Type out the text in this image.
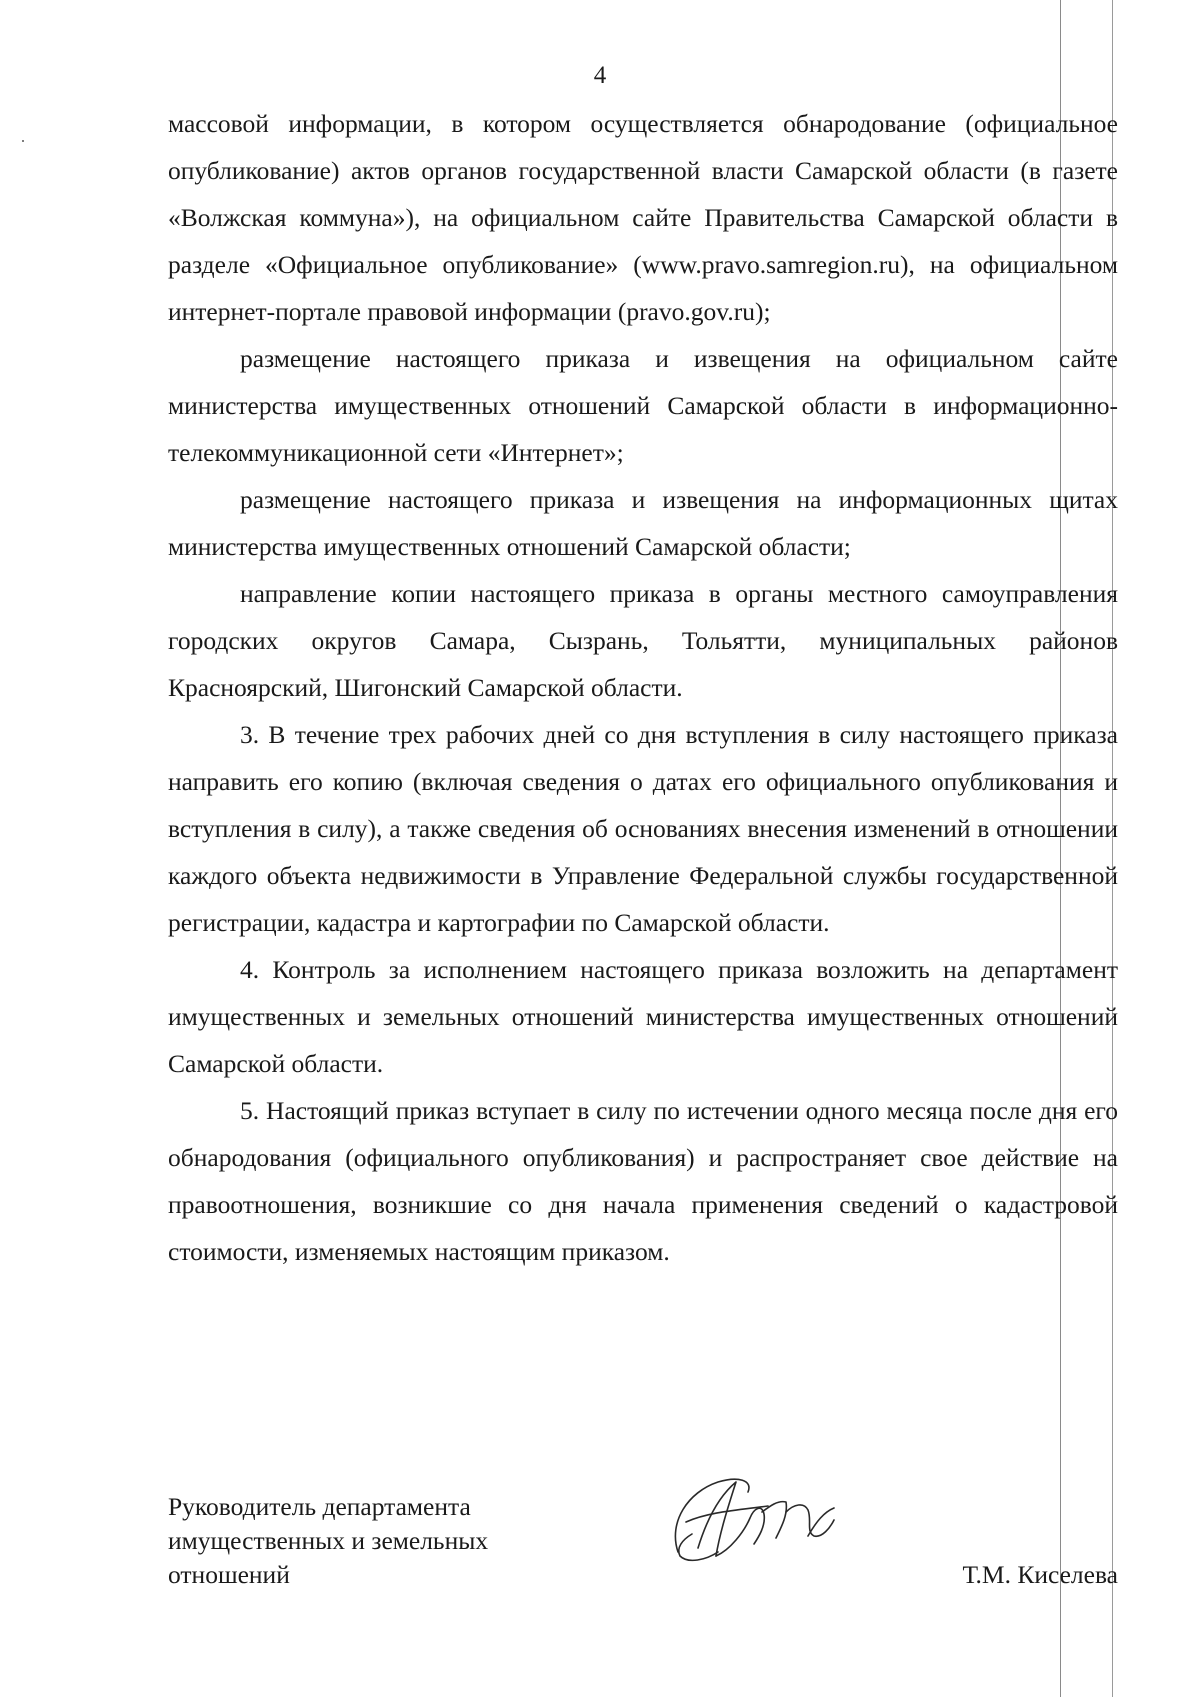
4

массовой информации, в котором осуществляется обнародование (официальное опубликование) актов органов государственной власти Самарской области (в газете «Волжская коммуна»), на официальном сайте Правительства Самарской области в разделе «Официальное опубликование» (www.pravo.samregion.ru), на официальном интернет-портале правовой информации (pravo.gov.ru);

размещение настоящего приказа и извещения на официальном сайте министерства имущественных отношений Самарской области в информационно-телекоммуникационной сети «Интернет»;

размещение настоящего приказа и извещения на информационных щитах министерства имущественных отношений Самарской области;

направление копии настоящего приказа в органы местного самоуправления городских округов Самара, Сызрань, Тольятти, муниципальных районов Красноярский, Шигонский Самарской области.

3. В течение трех рабочих дней со дня вступления в силу настоящего приказа направить его копию (включая сведения о датах его официального опубликования и вступления в силу), а также сведения об основаниях внесения изменений в отношении каждого объекта недвижимости в Управление Федеральной службы государственной регистрации, кадастра и картографии по Самарской области.

4. Контроль за исполнением настоящего приказа возложить на департамент имущественных и земельных отношений министерства имущественных отношений Самарской области.

5. Настоящий приказ вступает в силу по истечении одного месяца после дня его обнародования (официального опубликования) и распространяет свое действие на правоотношения, возникшие со дня начала применения сведений о кадастровой стоимости, изменяемых настоящим приказом.

Руководитель департамента
имущественных и земельных
отношений	Т.М. Киселева
